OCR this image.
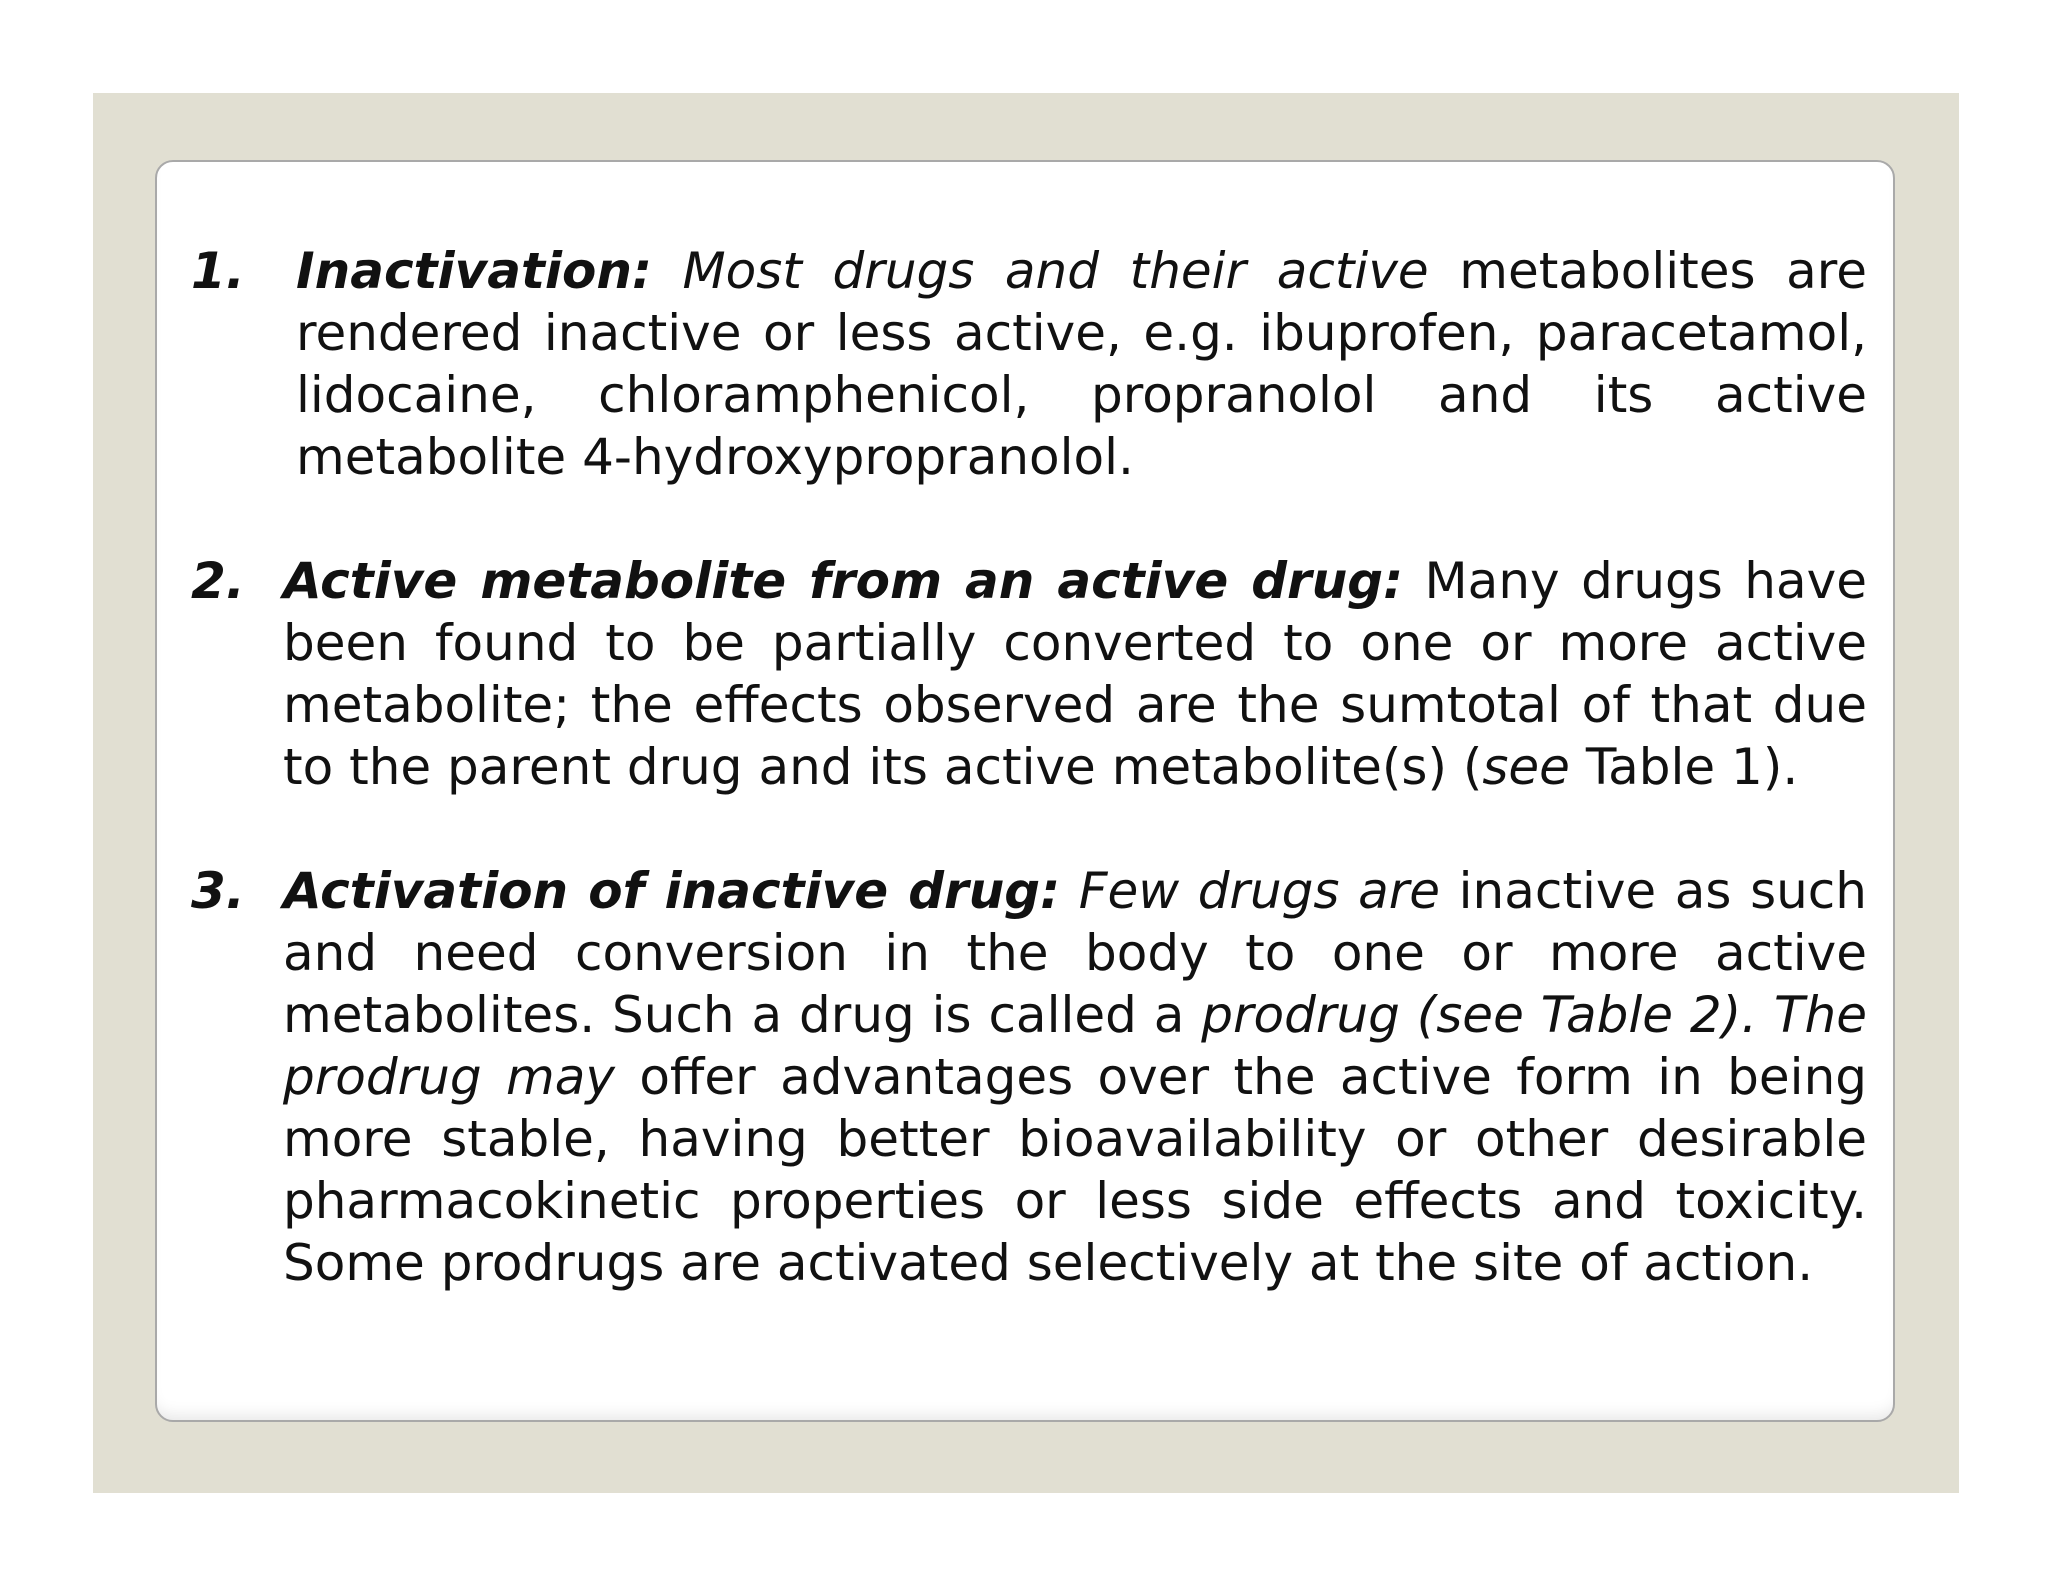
1. Inactivation: Most drugs and their active metabolites are rendered inactive or less active, e.g. ibuprofen, paracetamol, lidocaine, chloramphenicol, propranolol and its active metabolite 4-hydroxypropranolol.
2. Active metabolite from an active drug: Many drugs have been found to be partially converted to one or more active metabolite; the effects observed are the sumtotal of that due to the parent drug and its active metabolite(s) (see Table 1).
3. Activation of inactive drug: Few drugs are inactive as such and need conversion in the body to one or more active metabolites. Such a drug is called a prodrug (see Table 2). The prodrug may offer advantages over the active form in being more stable, having better bioavailability or other desirable pharmacokinetic properties or less side effects and toxicity. Some prodrugs are activated selectively at the site of action.
